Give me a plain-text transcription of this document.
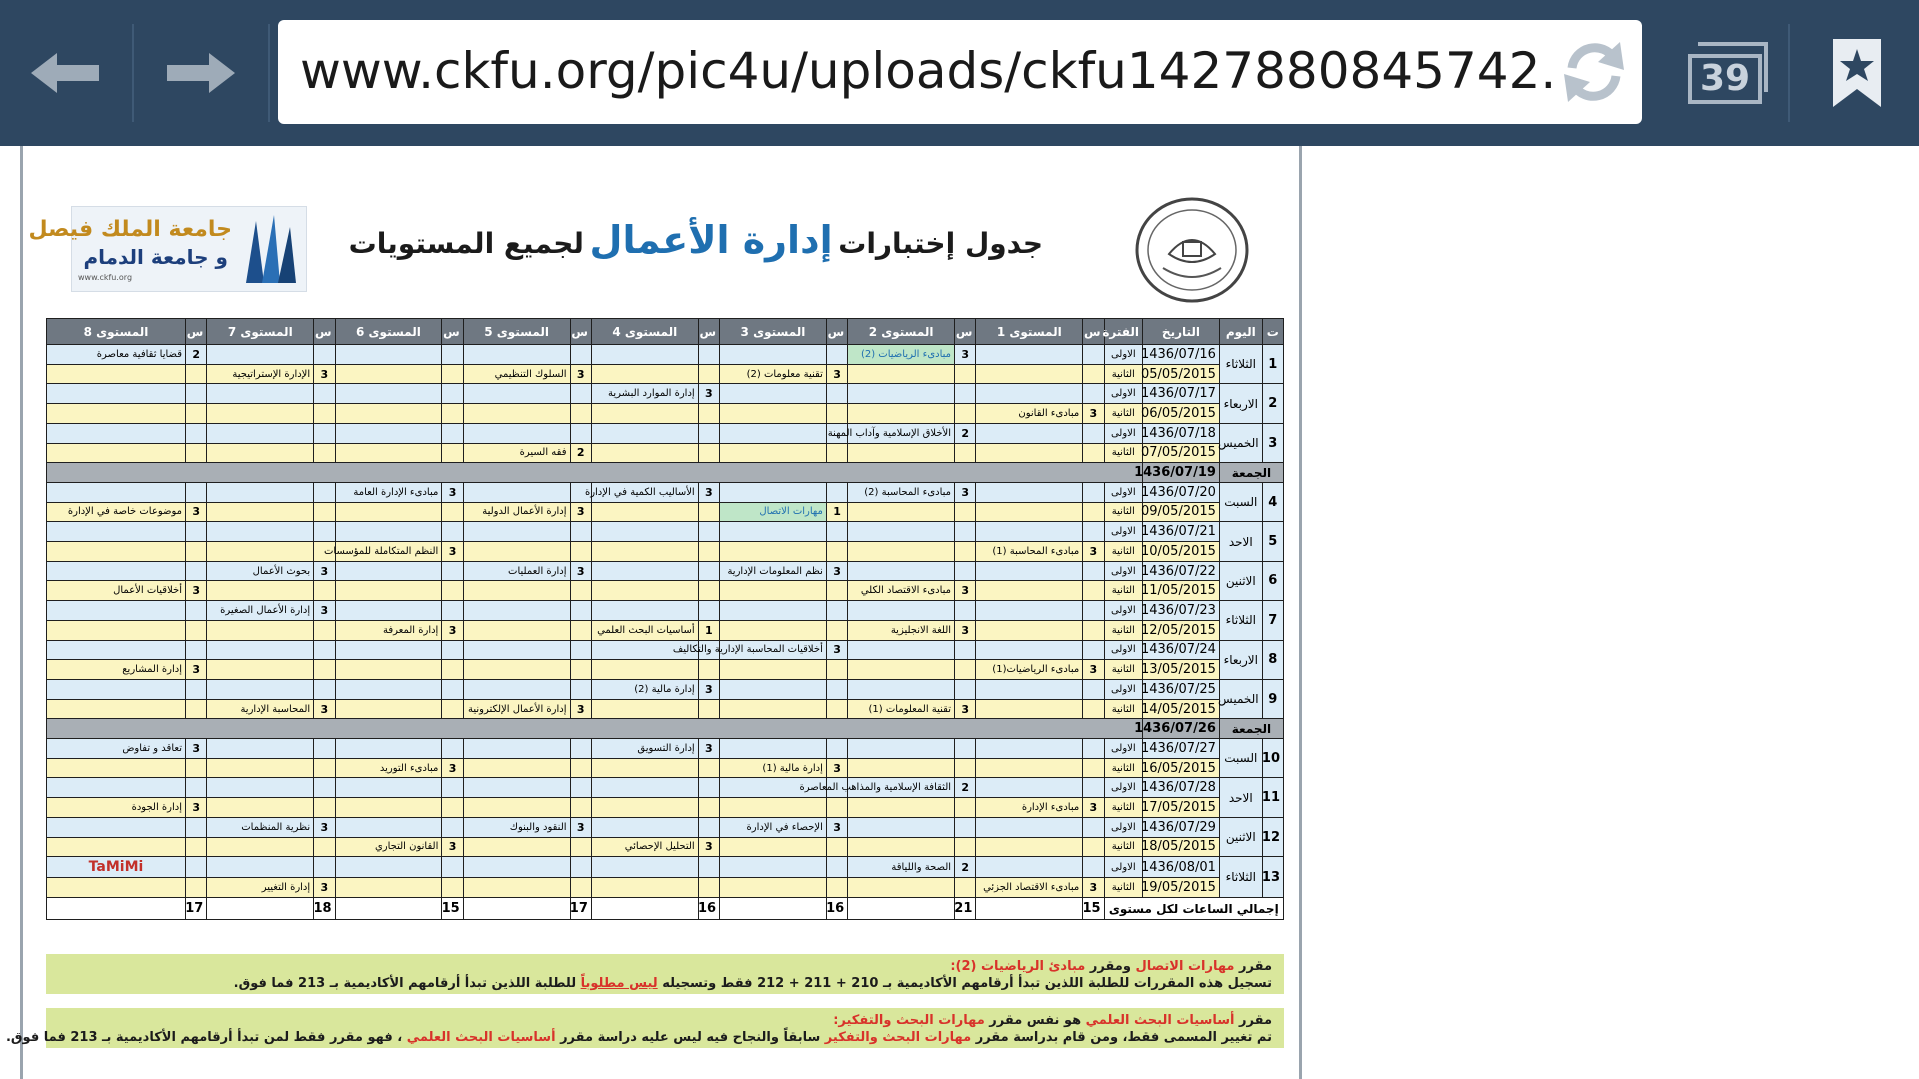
www.ckfu.org/pic4u/uploads/ckfu1427880845742.	39
جدول إختبارات إدارة الأعمال لجميع المستويات
جامعة الملك فيصل
و جامعة الدمام
www.ckfu.org
ت	اليوم	التاريخ	الفترة	س	المستوى 1	س	المستوى 2	س	المستوى 3	س	المستوى 4	س	المستوى 5	س	المستوى 6	س	المستوى 7	س	المستوى 8
1	الثلاثاء	1436/07/16	الاولى			3	مبادىء الرياضيات (2)											2	قضايا ثقافية معاصرة
		05/05/2015	الثانية					3	تقنية معلومات (2)			3	السلوك التنظيمي			3	الإدارة الإستراتيجية		
2	الاربعاء	1436/07/17	الاولى							3	إدارة الموارد البشرية								
		06/05/2015	الثانية	3	مبادىء القانون														
3	الخميس	1436/07/18	الاولى			2	الأخلاق الإسلامية وآداب المهنة												
		07/05/2015	الثانية									2	فقه السيرة						
الجمعة		1436/07/19																	
4	السبت	1436/07/20	الاولى			3	مبادىء المحاسبة (2)			3	الأساليب الكمية في الإدارة			3	مبادىء الإدارة العامة				
		09/05/2015	الثانية					1	مهارات الاتصال			3	إدارة الأعمال الدولية					3	موضوعات خاصة في الإدارة
5	الاحد	1436/07/21	الاولى																
		10/05/2015	الثانية	3	مبادىء المحاسبة (1)									3	النظم المتكاملة للمؤسسات				
6	الاثنين	1436/07/22	الاولى					3	نظم المعلومات الإدارية			3	إدارة العمليات			3	بحوث الأعمال		
		11/05/2015	الثانية			3	مبادىء الاقتصاد الكلي											3	أخلاقيات الأعمال
7	الثلاثاء	1436/07/23	الاولى													3	إدارة الأعمال الصغيرة		
		12/05/2015	الثانية			3	اللغة الانجليزية			1	أساسيات البحث العلمي			3	إدارة المعرفة				
8	الاربعاء	1436/07/24	الاولى					3	أخلاقيات المحاسبة الإدارية والتكاليف										
		13/05/2015	الثانية	3	مبادىء الرياضيات(1)													3	إدارة المشاريع
9	الخميس	1436/07/25	الاولى							3	إدارة مالية (2)								
		14/05/2015	الثانية			3	تقنية المعلومات (1)					3	إدارة الأعمال الإلكترونية			3	المحاسبة الإدارية		
الجمعة		1436/07/26																	
10	السبت	1436/07/27	الاولى							3	إدارة التسويق							3	تعاقد و تفاوض
		16/05/2015	الثانية					3	إدارة مالية (1)					3	مبادىء التوريد				
11	الاحد	1436/07/28	الاولى			2	الثقافة الإسلامية والمذاهب المعاصرة												
		17/05/2015	الثانية	3	مبادىء الإدارة													3	إدارة الجودة
12	الاثنين	1436/07/29	الاولى					3	الإحصاء في الإدارة			3	النقود والبنوك			3	نظرية المنظمات		
		18/05/2015	الثانية							3	التحليل الإحصائي			3	القانون التجاري				
13	الثلاثاء	1436/08/01	الاولى			2	الصحة واللياقة												TaMiMi
		19/05/2015	الثانية	3	مبادىء الاقتصاد الجزئي											3	إدارة التغيير		
إجمالي الساعات لكل مستوى				15		21		16		16		17		15		18		17	
مقرر مهارات الاتصال ومقرر مبادئ الرياضيات (2):
تسجيل هذه المقررات للطلبة اللذين تبدأ أرقامهم الأكاديمية بـ 210 + 211 + 212 فقط وتسجيله ليس مطلوباً للطلبة اللذين تبدأ أرقامهم الأكاديمية بـ 213 فما فوق.
مقرر أساسيات البحث العلمي هو نفس مقرر مهارات البحث والتفكير:
تم تغيير المسمى فقط، ومن قام بدراسة مقرر مهارات البحث والتفكير سابقاً والنجاح فيه ليس عليه دراسة مقرر أساسيات البحث العلمي ، فهو مقرر فقط لمن تبدأ أرقامهم الأكاديمية بـ 213 فما فوق.
